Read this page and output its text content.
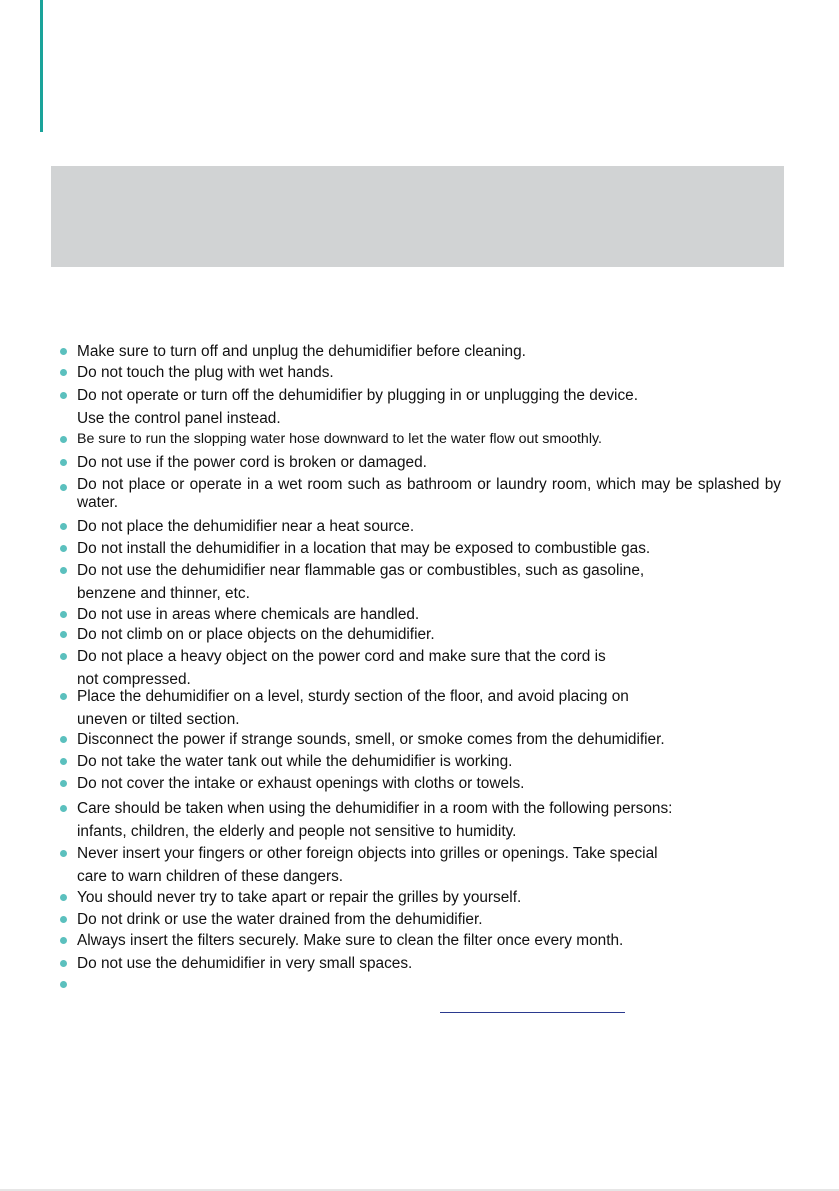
Make sure to turn off and unplug the dehumidifier before cleaning.
Do not touch the plug with wet hands.
Do not operate or turn off the dehumidifier by plugging in or unplugging the device.
Use the control panel instead.
Be sure to run the slopping water hose downward to let the water flow out smoothly.
Do not use if the power cord is broken or damaged.
Do not place or operate in a wet room such as bathroom or laundry room, which may be splashed by water.
Do not place the dehumidifier near a heat source.
Do not install the dehumidifier in a location that may be exposed to combustible gas.
Do not use the dehumidifier near flammable gas or combustibles, such as gasoline,
benzene and thinner, etc.
Do not use in areas where chemicals are handled.
Do not climb on or place objects on the dehumidifier.
Do not place a heavy object on the power cord and make sure that the cord is
not compressed.
Place the dehumidifier on a level, sturdy section of the floor, and avoid placing on
uneven or tilted section.
Disconnect the power if strange sounds, smell, or smoke comes from the dehumidifier.
Do not take the water tank out while the dehumidifier is working.
Do not cover the intake or exhaust openings with cloths or towels.
Care should be taken when using the dehumidifier in a room with the following persons:
infants, children, the elderly and people not sensitive to humidity.
Never insert your fingers or other foreign objects into grilles or openings. Take special
care to warn children of these dangers.
You should never try to take apart or repair the grilles by yourself.
Do not drink or use the water drained from the dehumidifier.
Always insert the filters securely. Make sure to clean the filter once every month.
Do not use the dehumidifier in very small spaces.
